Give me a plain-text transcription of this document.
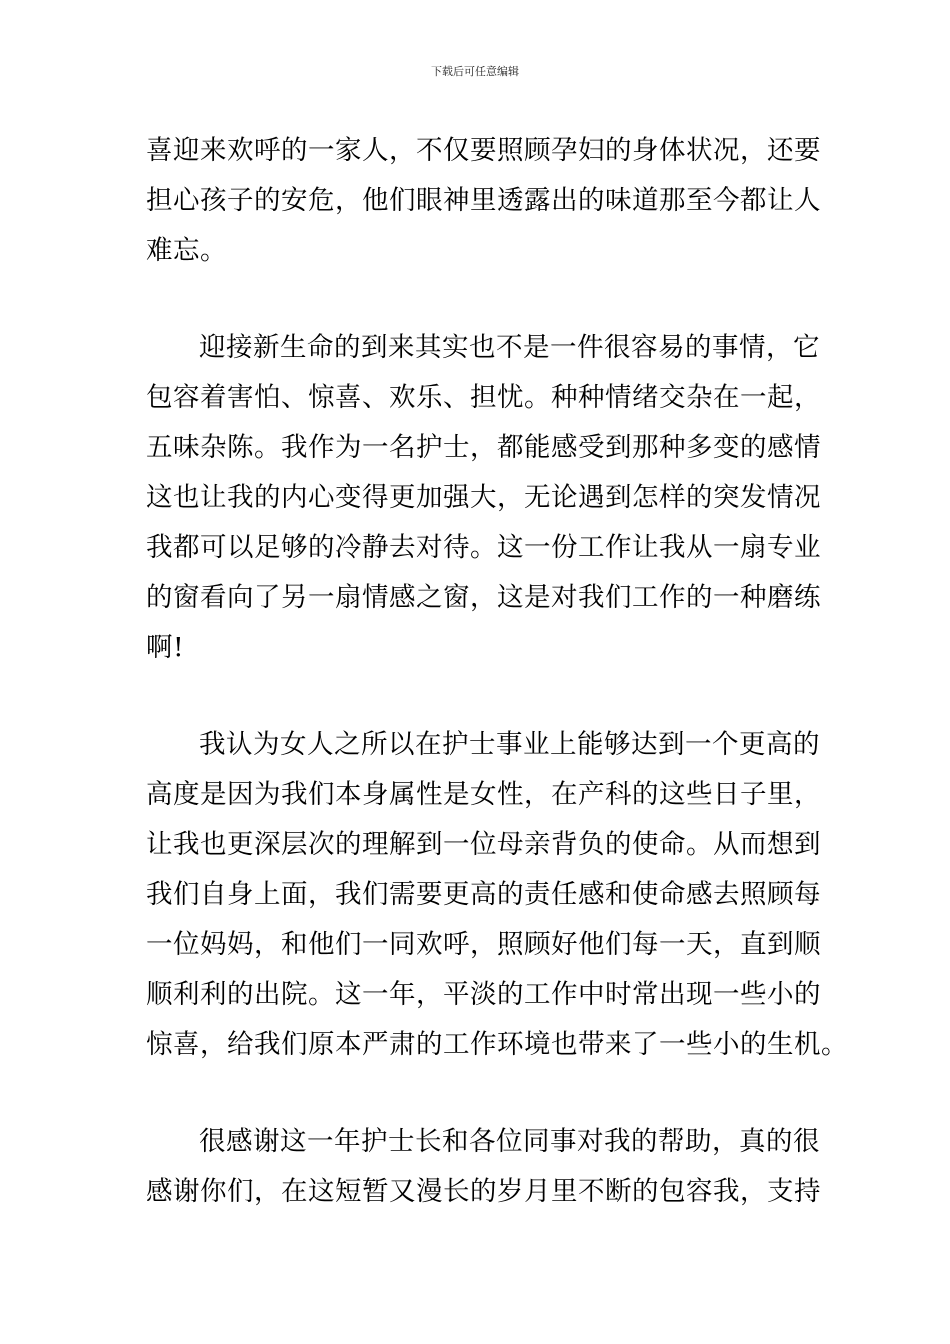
下载后可任意编辑
喜迎来欢呼的一家人，不仅要照顾孕妇的身体状况，还要
担心孩子的安危，他们眼神里透露出的味道那至今都让人
难忘。
迎接新生命的到来其实也不是一件很容易的事情，它
包容着害怕、惊喜、欢乐、担忧。种种情绪交杂在一起，
五味杂陈。我作为一名护士，都能感受到那种多变的感情
这也让我的内心变得更加强大，无论遇到怎样的突发情况
我都可以足够的冷静去对待。这一份工作让我从一扇专业
的窗看向了另一扇情感之窗，这是对我们工作的一种磨练
啊!
我认为女人之所以在护士事业上能够达到一个更高的
高度是因为我们本身属性是女性，在产科的这些日子里，
让我也更深层次的理解到一位母亲背负的使命。从而想到
我们自身上面，我们需要更高的责任感和使命感去照顾每
一位妈妈，和他们一同欢呼，照顾好他们每一天，直到顺
顺利利的出院。这一年，平淡的工作中时常出现一些小的
惊喜，给我们原本严肃的工作环境也带来了一些小的生机。
很感谢这一年护士长和各位同事对我的帮助，真的很
感谢你们，在这短暂又漫长的岁月里不断的包容我，支持
